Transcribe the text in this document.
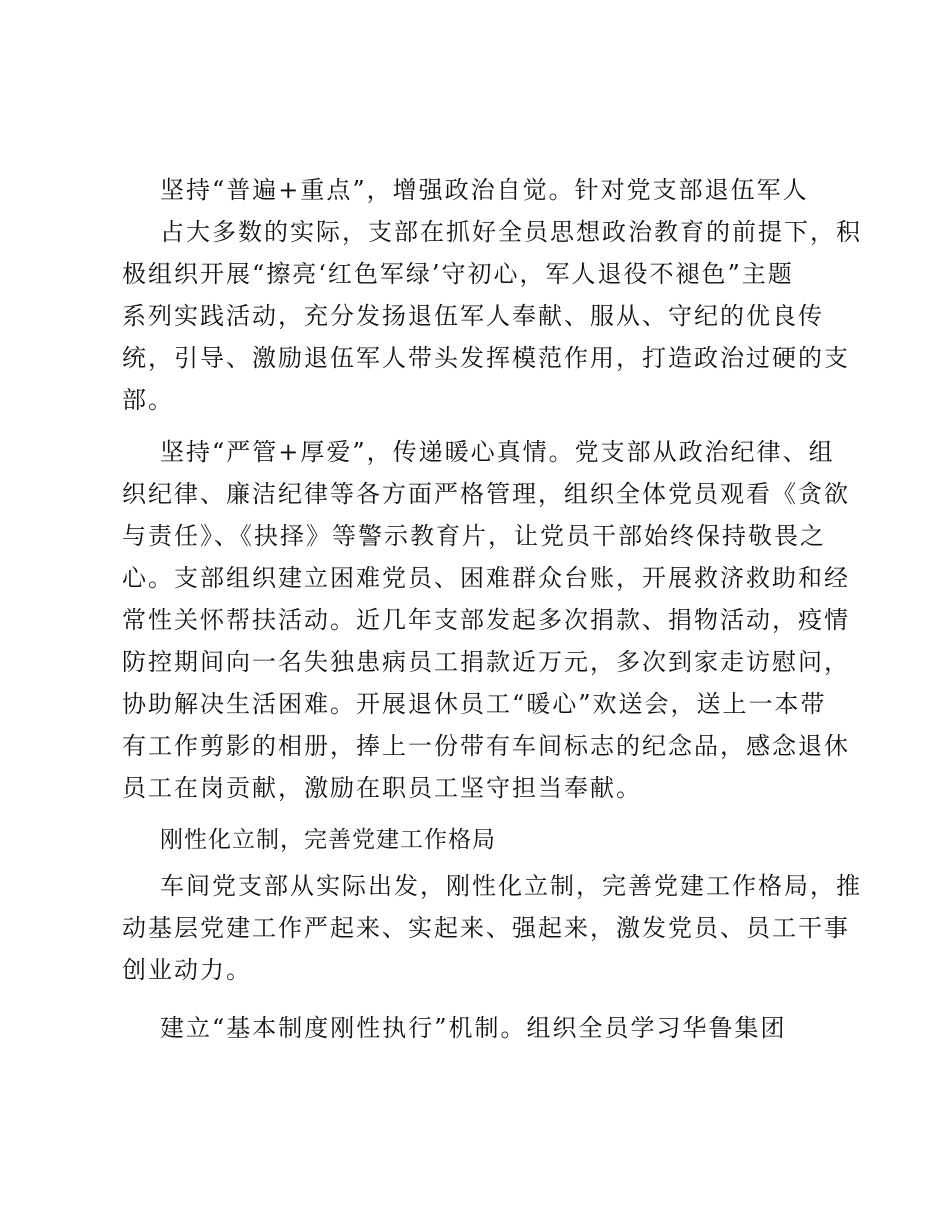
坚持“普遍+重点”，增强政治自觉。针对党支部退伍军人
占大多数的实际，支部在抓好全员思想政治教育的前提下，积
极组织开展“擦亮‘红色军绿’守初心，军人退役不褪色”主题
系列实践活动，充分发扬退伍军人奉献、服从、守纪的优良传
统，引导、激励退伍军人带头发挥模范作用，打造政治过硬的支
部。
坚持“严管+厚爱”，传递暖心真情。党支部从政治纪律、组
织纪律、廉洁纪律等各方面严格管理，组织全体党员观看《贪欲
与责任》、《抉择》等警示教育片，让党员干部始终保持敬畏之
心。支部组织建立困难党员、困难群众台账，开展救济救助和经
常性关怀帮扶活动。近几年支部发起多次捐款、捐物活动，疫情
防控期间向一名失独患病员工捐款近万元，多次到家走访慰问，
协助解决生活困难。开展退休员工“暖心”欢送会，送上一本带
有工作剪影的相册，捧上一份带有车间标志的纪念品，感念退休
员工在岗贡献，激励在职员工坚守担当奉献。
刚性化立制，完善党建工作格局
车间党支部从实际出发，刚性化立制，完善党建工作格局，推
动基层党建工作严起来、实起来、强起来，激发党员、员工干事
创业动力。
建立“基本制度刚性执行”机制。组织全员学习华鲁集团
